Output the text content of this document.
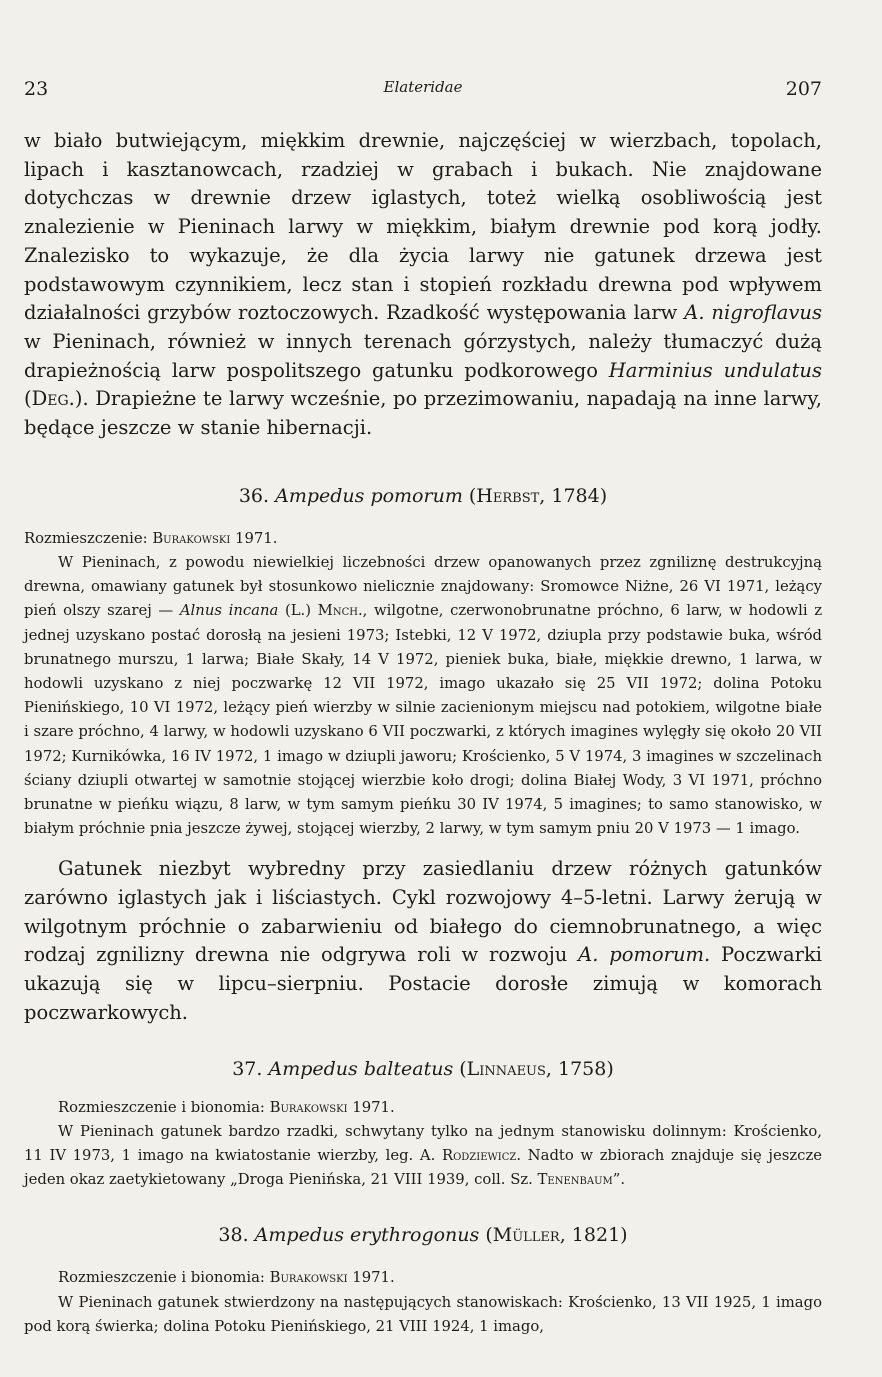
23	Elateridae	207

w biało butwiejącym, miękkim drewnie, najczęściej w wierzbach, topolach, lipach i kasztanowcach, rzadziej w grabach i bukach. Nie znajdowane dotychczas w drewnie drzew iglastych, toteż wielką osobliwością jest znalezienie w Pieninach larwy w miękkim, białym drewnie pod korą jodły. Znalezisko to wykazuje, że dla życia larwy nie gatunek drzewa jest podstawowym czynnikiem, lecz stan i stopień rozkładu drewna pod wpływem działalności grzybów roztoczowych. Rzadkość występowania larw A. nigroflavus w Pieninach, również w innych terenach górzystych, należy tłumaczyć dużą drapieżnością larw pospolitszego gatunku podkorowego Harminius undulatus (Deg.). Drapieżne te larwy wcześnie, po przezimowaniu, napadają na inne larwy, będące jeszcze w stanie hibernacji.

36. Ampedus pomorum (Herbst, 1784)

Rozmieszczenie: Burakowski 1971.

W Pieninach, z powodu niewielkiej liczebności drzew opanowanych przez zgniliznę destrukcyjną drewna, omawiany gatunek był stosunkowo nielicznie znajdowany: Sromowce Niżne, 26 VI 1971, leżący pień olszy szarej — Alnus incana (L.) Mnch., wilgotne, czerwonobrunatne próchno, 6 larw, w hodowli z jednej uzyskano postać dorosłą na jesieni 1973; Istebki, 12 V 1972, dziupla przy podstawie buka, wśród brunatnego murszu, 1 larwa; Białe Skały, 14 V 1972, pieniek buka, białe, miękkie drewno, 1 larwa, w hodowli uzyskano z niej poczwarkę 12 VII 1972, imago ukazało się 25 VII 1972; dolina Potoku Pienińskiego, 10 VI 1972, leżący pień wierzby w silnie zacienionym miejscu nad potokiem, wilgotne białe i szare próchno, 4 larwy, w hodowli uzyskano 6 VII poczwarki, z których imagines wylęgły się około 20 VII 1972; Kurnikówka, 16 IV 1972, 1 imago w dziupli jaworu; Krościenko, 5 V 1974, 3 imagines w szczelinach ściany dziupli otwartej w samotnie stojącej wierzbie koło drogi; dolina Białej Wody, 3 VI 1971, próchno brunatne w pieńku wiązu, 8 larw, w tym samym pieńku 30 IV 1974, 5 imagines; to samo stanowisko, w białym próchnie pnia jeszcze żywej, stojącej wierzby, 2 larwy, w tym samym pniu 20 V 1973 — 1 imago.

Gatunek niezbyt wybredny przy zasiedlaniu drzew różnych gatunków zarówno iglastych jak i liściastych. Cykl rozwojowy 4–5-letni. Larwy żerują w wilgotnym próchnie o zabarwieniu od białego do ciemnobrunatnego, a więc rodzaj zgnilizny drewna nie odgrywa roli w rozwoju A. pomorum. Poczwarki ukazują się w lipcu–sierpniu. Postacie dorosłe zimują w komorach poczwarkowych.

37. Ampedus balteatus (Linnaeus, 1758)

Rozmieszczenie i bionomia: Burakowski 1971.

W Pieninach gatunek bardzo rzadki, schwytany tylko na jednym stanowisku dolinnym: Krościenko, 11 IV 1973, 1 imago na kwiatostanie wierzby, leg. A. Rodziewicz. Nadto w zbiorach znajduje się jeszcze jeden okaz zaetykietowany „Droga Pienińska, 21 VIII 1939, coll. Sz. Tenenbaum”.

38. Ampedus erythrogonus (Müller, 1821)

Rozmieszczenie i bionomia: Burakowski 1971.

W Pieninach gatunek stwierdzony na następujących stanowiskach: Krościenko, 13 VII 1925, 1 imago pod korą świerka; dolina Potoku Pienińskiego, 21 VIII 1924, 1 imago,
